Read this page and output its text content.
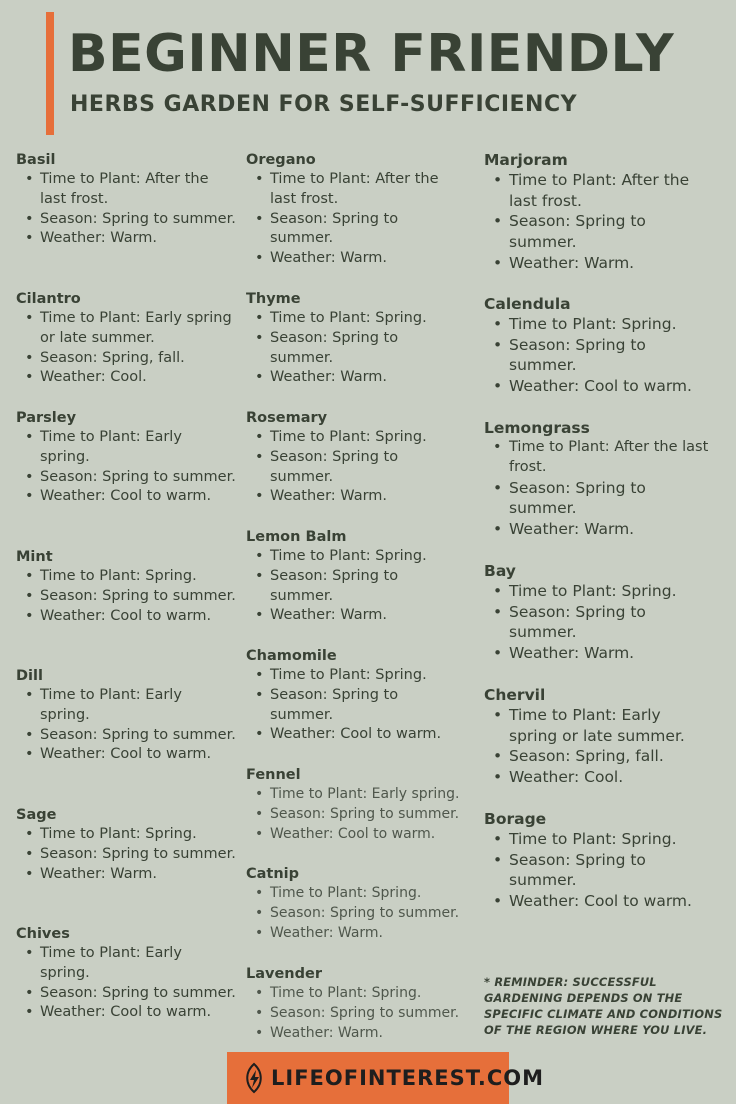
BEGINNER FRIENDLY
HERBS GARDEN FOR SELF-SUFFICIENCY
Basil
• Time to Plant: After the last frost.
• Season: Spring to summer.
• Weather: Warm.
Cilantro
• Time to Plant: Early spring or late summer.
• Season: Spring, fall.
• Weather: Cool.
Parsley
• Time to Plant: Early spring.
• Season: Spring to summer.
• Weather: Cool to warm.
Mint
• Time to Plant: Spring.
• Season: Spring to summer.
• Weather: Cool to warm.
Dill
• Time to Plant: Early spring.
• Season: Spring to summer.
• Weather: Cool to warm.
Sage
• Time to Plant: Spring.
• Season: Spring to summer.
• Weather: Warm.
Chives
• Time to Plant: Early spring.
• Season: Spring to summer.
• Weather: Cool to warm.
Oregano
• Time to Plant: After the last frost.
• Season: Spring to summer.
• Weather: Warm.
Thyme
• Time to Plant: Spring.
• Season: Spring to summer.
• Weather: Warm.
Rosemary
• Time to Plant: Spring.
• Season: Spring to summer.
• Weather: Warm.
Lemon Balm
• Time to Plant: Spring.
• Season: Spring to summer.
• Weather: Warm.
Chamomile
• Time to Plant: Spring.
• Season: Spring to summer.
• Weather: Cool to warm.
Fennel
• Time to Plant: Early spring.
• Season: Spring to summer.
• Weather: Cool to warm.
Catnip
• Time to Plant: Spring.
• Season: Spring to summer.
• Weather: Warm.
Lavender
• Time to Plant: Spring.
• Season: Spring to summer.
• Weather: Warm.
Marjoram
• Time to Plant: After the last frost.
• Season: Spring to summer.
• Weather: Warm.
Calendula
• Time to Plant: Spring.
• Season: Spring to summer.
• Weather: Cool to warm.
Lemongrass
• Time to Plant: After the last frost.
• Season: Spring to summer.
• Weather: Warm.
Bay
• Time to Plant: Spring.
• Season: Spring to summer.
• Weather: Warm.
Chervil
• Time to Plant: Early spring or late summer.
• Season: Spring, fall.
• Weather: Cool.
Borage
• Time to Plant: Spring.
• Season: Spring to summer.
• Weather: Cool to warm.
* REMINDER: SUCCESSFUL GARDENING DEPENDS ON THE SPECIFIC CLIMATE AND CONDITIONS OF THE REGION WHERE YOU LIVE.
LIFEOFINTEREST.COM
